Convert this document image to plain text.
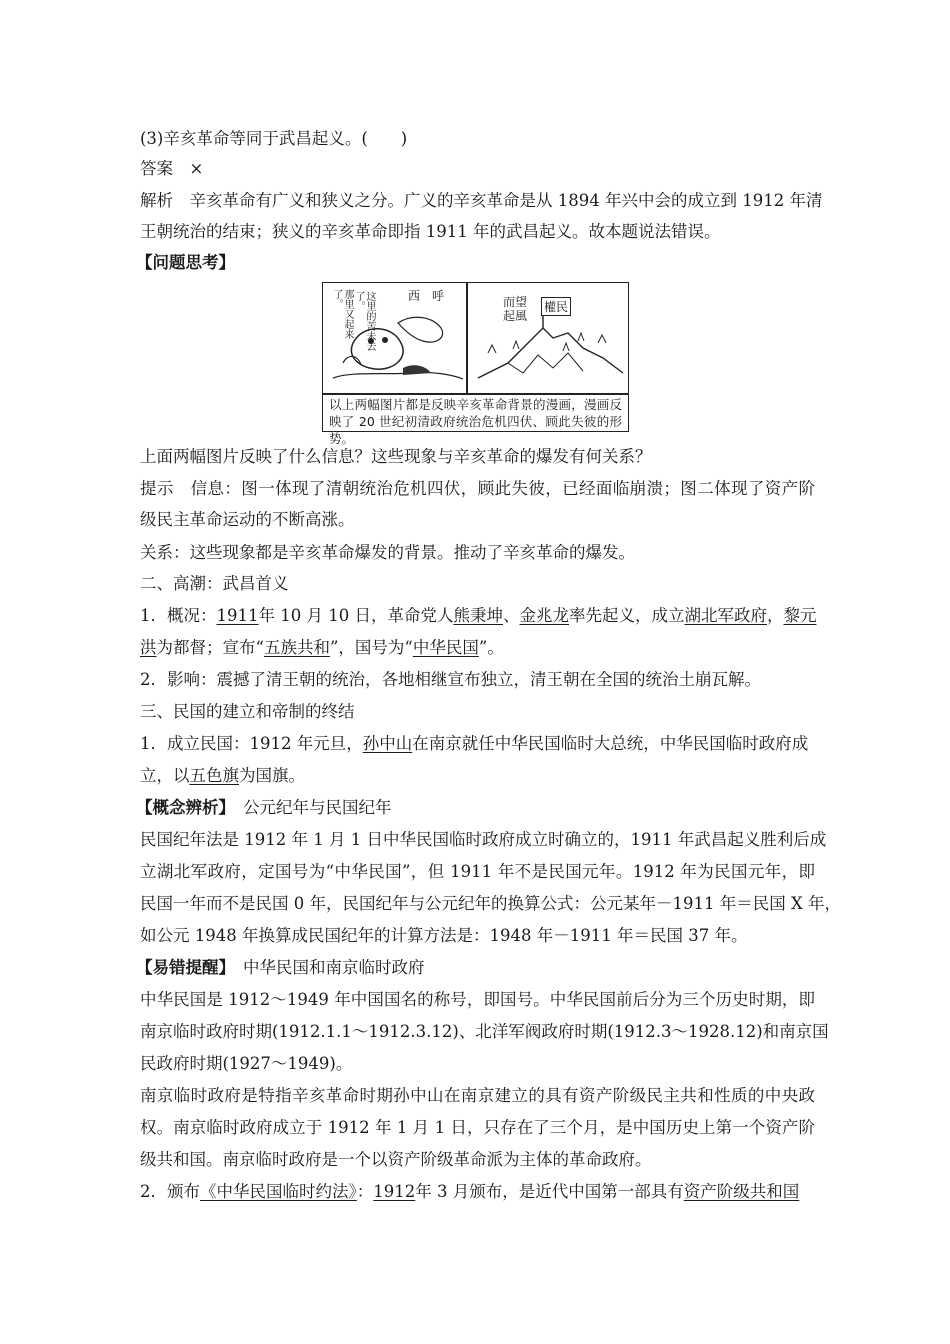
(3)辛亥革命等同于武昌起义。(　　)
答案　×
解析　辛亥革命有广义和狭义之分。广义的辛亥革命是从 1894 年兴中会的成立到 1912 年清
王朝统治的结束；狭义的辛亥革命即指 1911 年的武昌起义。故本题说法错误。
【问题思考】
西　呼
那里又起来了。	这里的苦未去了。	而望
起風
權民
以上两幅图片都是反映辛亥革命背景的漫画，漫画反映了 20 世纪初清政府统治危机四伏、顾此失彼的形势。
上面两幅图片反映了什么信息？这些现象与辛亥革命的爆发有何关系？
提示　信息：图一体现了清朝统治危机四伏，顾此失彼，已经面临崩溃；图二体现了资产阶
级民主革命运动的不断高涨。
关系：这些现象都是辛亥革命爆发的背景。推动了辛亥革命的爆发。
二、高潮：武昌首义
1．概况：1911年 10 月 10 日，革命党人熊秉坤、金兆龙率先起义，成立湖北军政府，黎元
洪为都督；宣布“五族共和”，国号为“中华民国”。
2．影响：震撼了清王朝的统治，各地相继宣布独立，清王朝在全国的统治土崩瓦解。
三、民国的建立和帝制的终结
1．成立民国：1912 年元旦，孙中山在南京就任中华民国临时大总统，中华民国临时政府成
立，以五色旗为国旗。
【概念辨析】 公元纪年与民国纪年
民国纪年法是 1912 年 1 月 1 日中华民国临时政府成立时确立的，1911 年武昌起义胜利后成
立湖北军政府，定国号为“中华民国”，但 1911 年不是民国元年。1912 年为民国元年，即
民国一年而不是民国 0 年，民国纪年与公元纪年的换算公式：公元某年－1911 年＝民国 X 年，
如公元 1948 年换算成民国纪年的计算方法是：1948 年－1911 年＝民国 37 年。
【易错提醒】 中华民国和南京临时政府
中华民国是 1912～1949 年中国国名的称号，即国号。中华民国前后分为三个历史时期，即
南京临时政府时期(1912.1.1～1912.3.12)、北洋军阀政府时期(1912.3～1928.12)和南京国
民政府时期(1927～1949)。
南京临时政府是特指辛亥革命时期孙中山在南京建立的具有资产阶级民主共和性质的中央政
权。南京临时政府成立于 1912 年 1 月 1 日，只存在了三个月，是中国历史上第一个资产阶
级共和国。南京临时政府是一个以资产阶级革命派为主体的革命政府。
2．颁布《中华民国临时约法》：1912年 3 月颁布，是近代中国第一部具有资产阶级共和国
